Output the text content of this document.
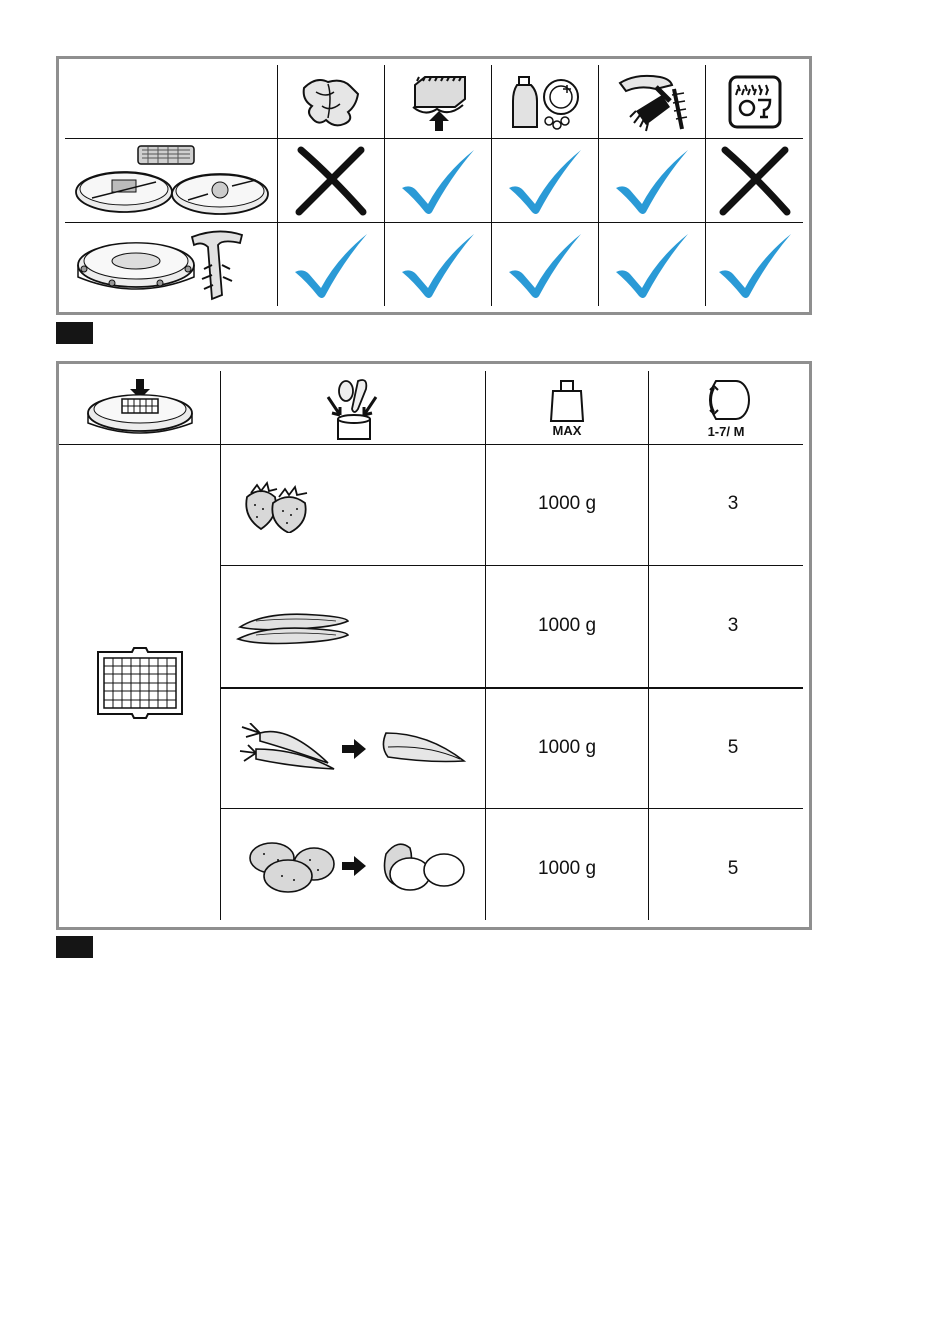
MAX	1-7/ M
1000 g	3
1000 g	3
1000 g	5
1000 g	5
